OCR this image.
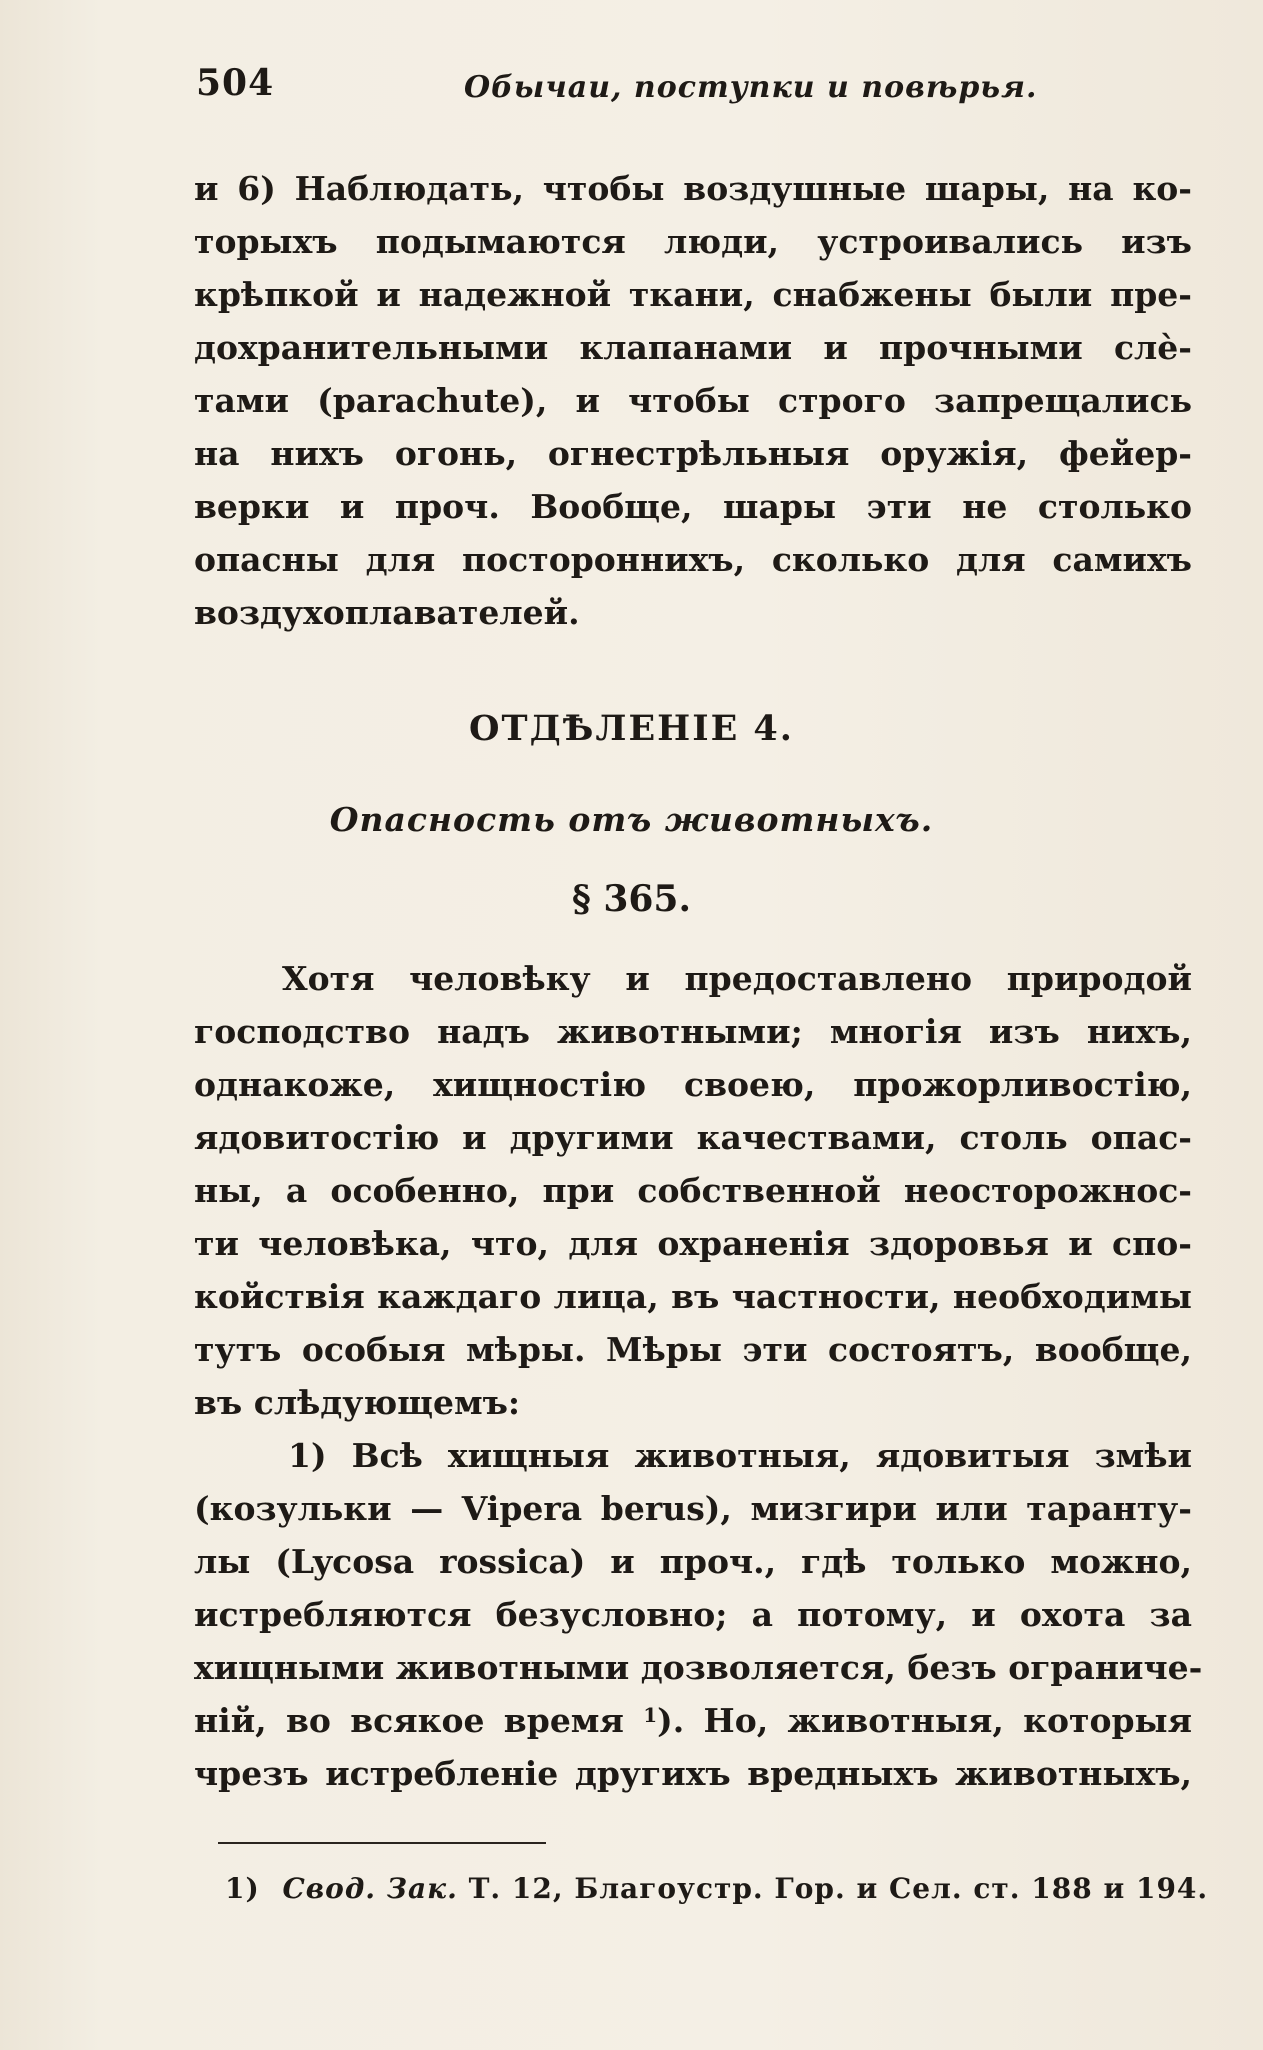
504	Обычаи, поступки и повѣрья.
и 6) Наблюдать, чтобы воздушные шары, на ко-
торыхъ подымаются люди, устроивались изъ
крѣпкой и надежной ткани, снабжены были пре-
дохранительными клапанами и прочными слѐ-
тами (parachute), и чтобы строго запрещались
на нихъ огонь, огнестрѣльныя оружія, фейер-
верки и проч. Вообще, шары эти не столько
опасны для постороннихъ, сколько для самихъ
воздухоплавателей.
ОТДѢЛЕНІЕ 4.
Опасность отъ животныхъ.
§ 365.
Хотя человѣку и предоставлено природой
господство надъ животными; многія изъ нихъ,
однакоже, хищностію своею, прожорливостію,
ядовитостію и другими качествами, столь опас-
ны, а особенно, при собственной неосторожнос-
ти человѣка, что, для охраненія здоровья и спо-
койствія каждаго лица, въ частности, необходимы
тутъ особыя мѣры. Мѣры эти состоятъ, вообще,
въ слѣдующемъ:
1) Всѣ хищныя животныя, ядовитыя змѣи
(козульки — Vipera berus), мизгири или таранту-
лы (Lycosa rossica) и проч., гдѣ только можно,
истребляются безусловно; а потому, и охота за
хищными животными дозволяется, безъ ограниче-
ній, во всякое время $^1$). Но, животныя, которыя
чрезъ истребленіе другихъ вредныхъ животныхъ,
1) Свод. Зак. Т. 12, Благоустр. Гор. и Сел. ст. 188 и 194.
